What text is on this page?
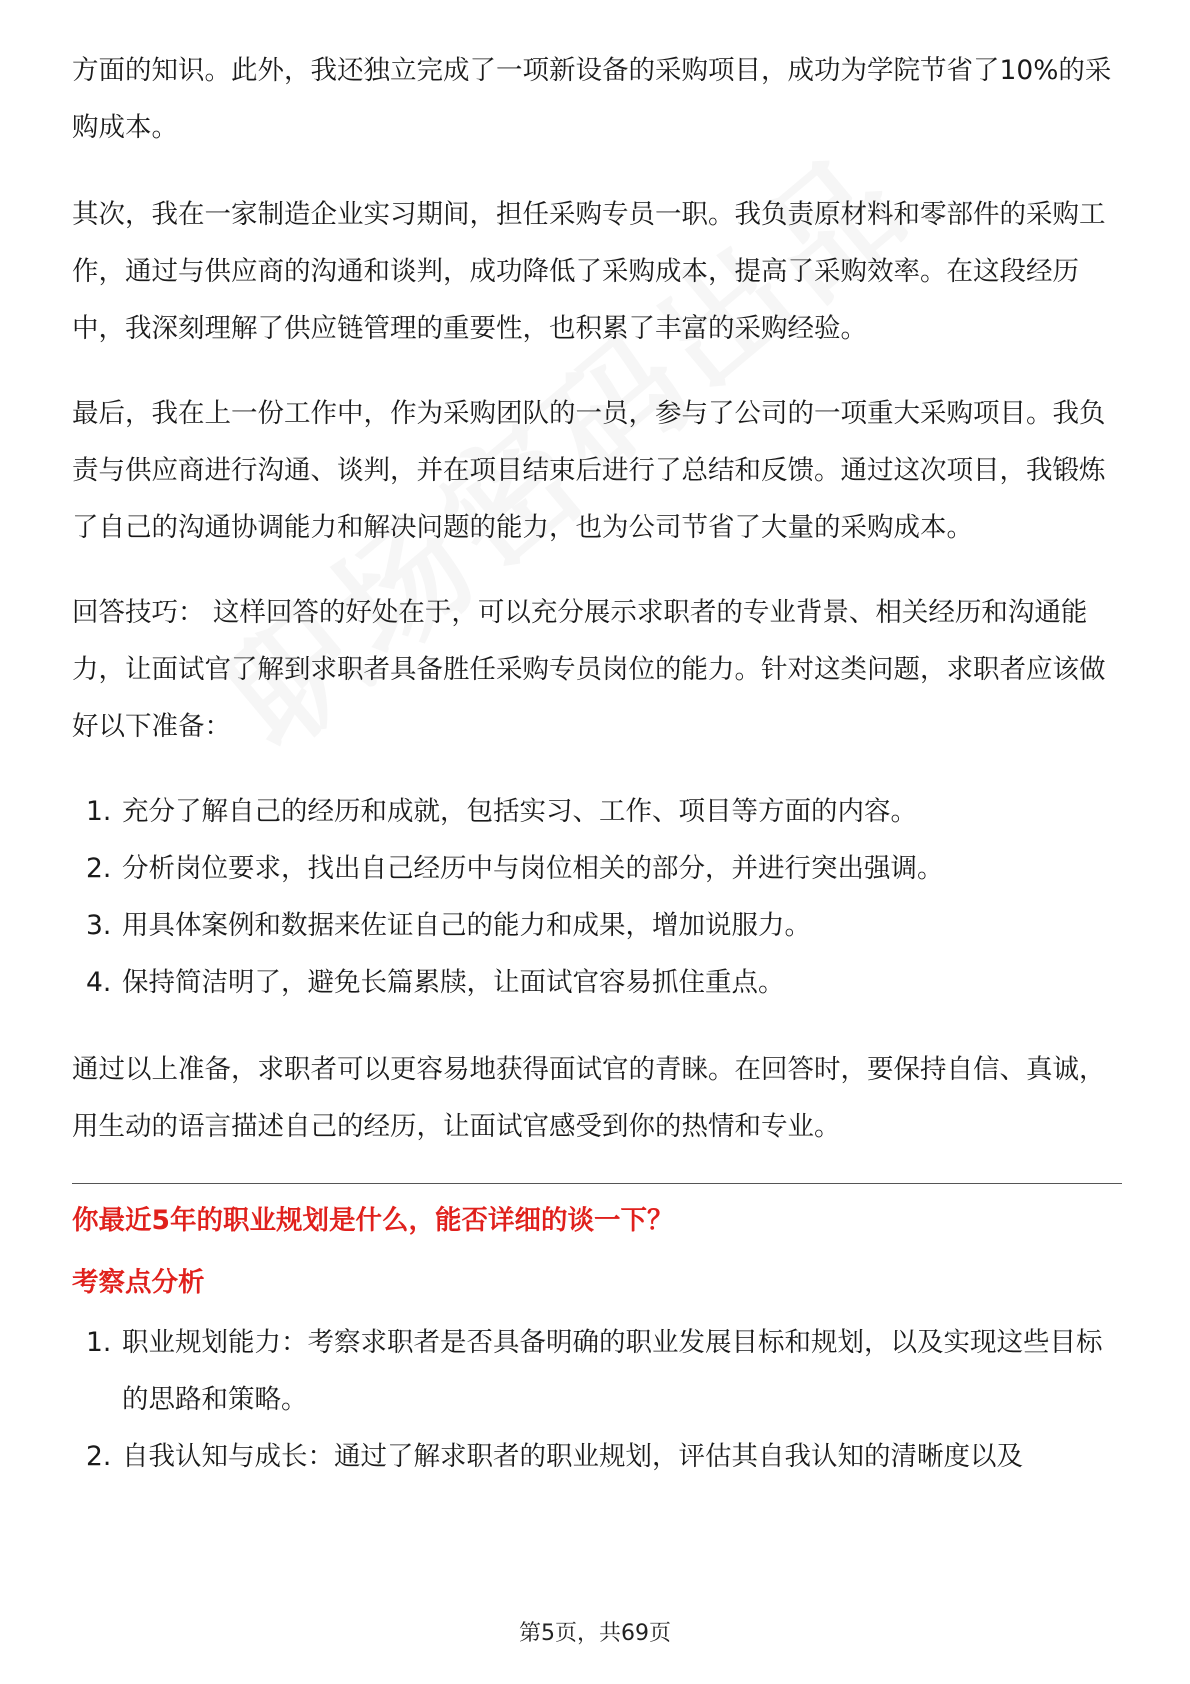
方面的知识。此外，我还独立完成了一项新设备的采购项目，成功为学院节省了10%的采购成本。

其次，我在一家制造企业实习期间，担任采购专员一职。我负责原材料和零部件的采购工作，通过与供应商的沟通和谈判，成功降低了采购成本，提高了采购效率。在这段经历中，我深刻理解了供应链管理的重要性，也积累了丰富的采购经验。

最后，我在上一份工作中，作为采购团队的一员，参与了公司的一项重大采购项目。我负责与供应商进行沟通、谈判，并在项目结束后进行了总结和反馈。通过这次项目，我锻炼了自己的沟通协调能力和解决问题的能力，也为公司节省了大量的采购成本。

回答技巧： 这样回答的好处在于，可以充分展示求职者的专业背景、相关经历和沟通能力，让面试官了解到求职者具备胜任采购专员岗位的能力。针对这类问题，求职者应该做好以下准备：

1. 充分了解自己的经历和成就，包括实习、工作、项目等方面的内容。
2. 分析岗位要求，找出自己经历中与岗位相关的部分，并进行突出强调。
3. 用具体案例和数据来佐证自己的能力和成果，增加说服力。
4. 保持简洁明了，避免长篇累牍，让面试官容易抓住重点。

通过以上准备，求职者可以更容易地获得面试官的青睐。在回答时，要保持自信、真诚，用生动的语言描述自己的经历，让面试官感受到你的热情和专业。

你最近5年的职业规划是什么，能否详细的谈一下？

考察点分析

1. 职业规划能力：考察求职者是否具备明确的职业发展目标和规划，以及实现这些目标的思路和策略。
2. 自我认知与成长：通过了解求职者的职业规划，评估其自我认知的清晰度以及
第5页，共69页
